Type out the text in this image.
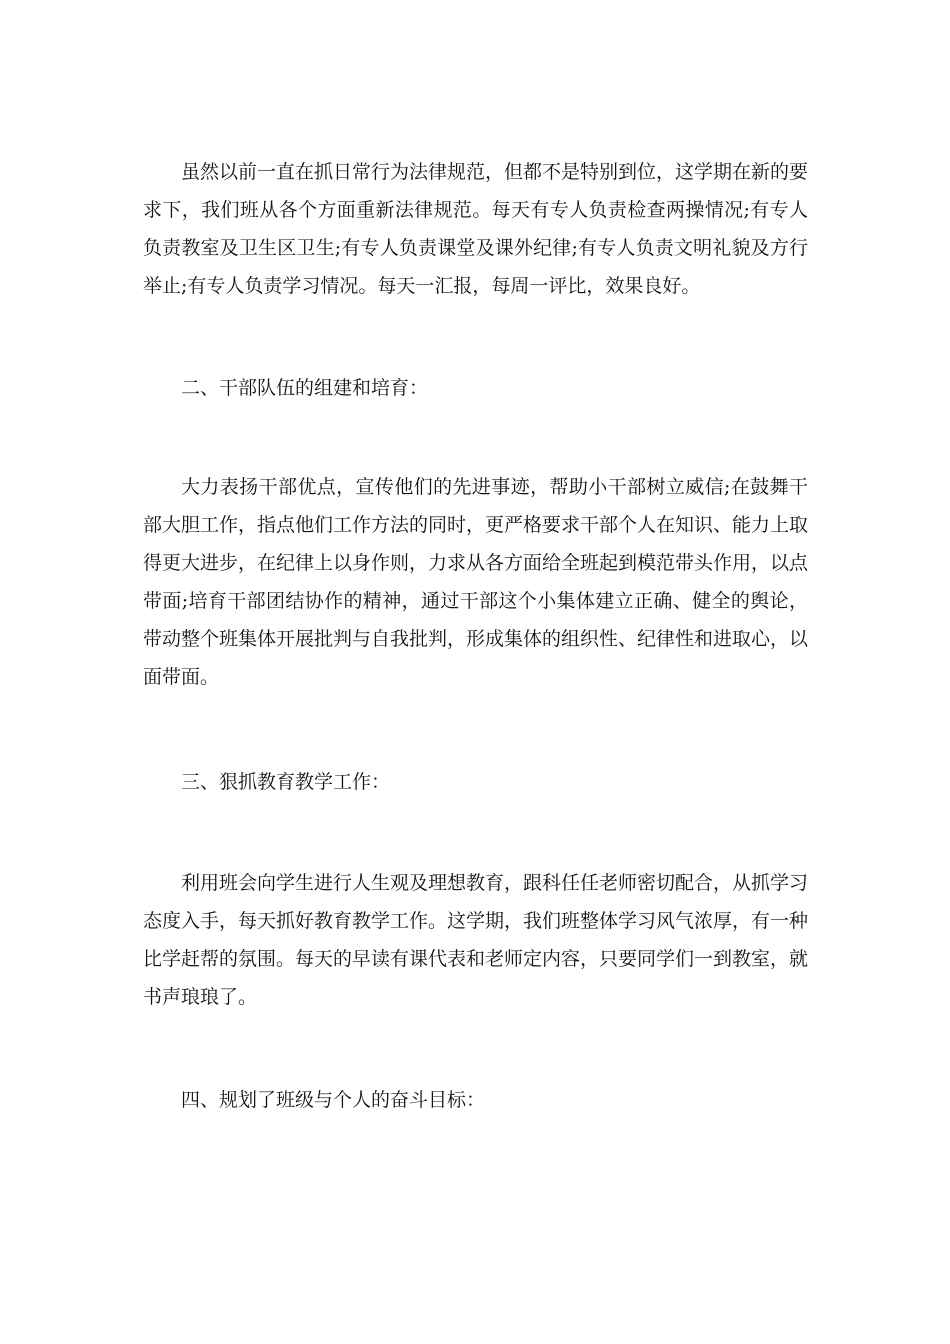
虽然以前一直在抓日常行为法律规范，但都不是特别到位，这学期在新的要求下，我们班从各个方面重新法律规范。每天有专人负责检查两操情况;有专人负责教室及卫生区卫生;有专人负责课堂及课外纪律;有专人负责文明礼貌及方行举止;有专人负责学习情况。每天一汇报，每周一评比，效果良好。

二、干部队伍的组建和培育：

大力表扬干部优点，宣传他们的先进事迹，帮助小干部树立威信;在鼓舞干部大胆工作，指点他们工作方法的同时，更严格要求干部个人在知识、能力上取得更大进步，在纪律上以身作则，力求从各方面给全班起到模范带头作用，以点带面;培育干部团结协作的精神，通过干部这个小集体建立正确、健全的舆论，带动整个班集体开展批判与自我批判，形成集体的组织性、纪律性和进取心，以面带面。

三、狠抓教育教学工作：

利用班会向学生进行人生观及理想教育，跟科任任老师密切配合，从抓学习态度入手，每天抓好教育教学工作。这学期，我们班整体学习风气浓厚，有一种比学赶帮的氛围。每天的早读有课代表和老师定内容，只要同学们一到教室，就书声琅琅了。

四、规划了班级与个人的奋斗目标：
